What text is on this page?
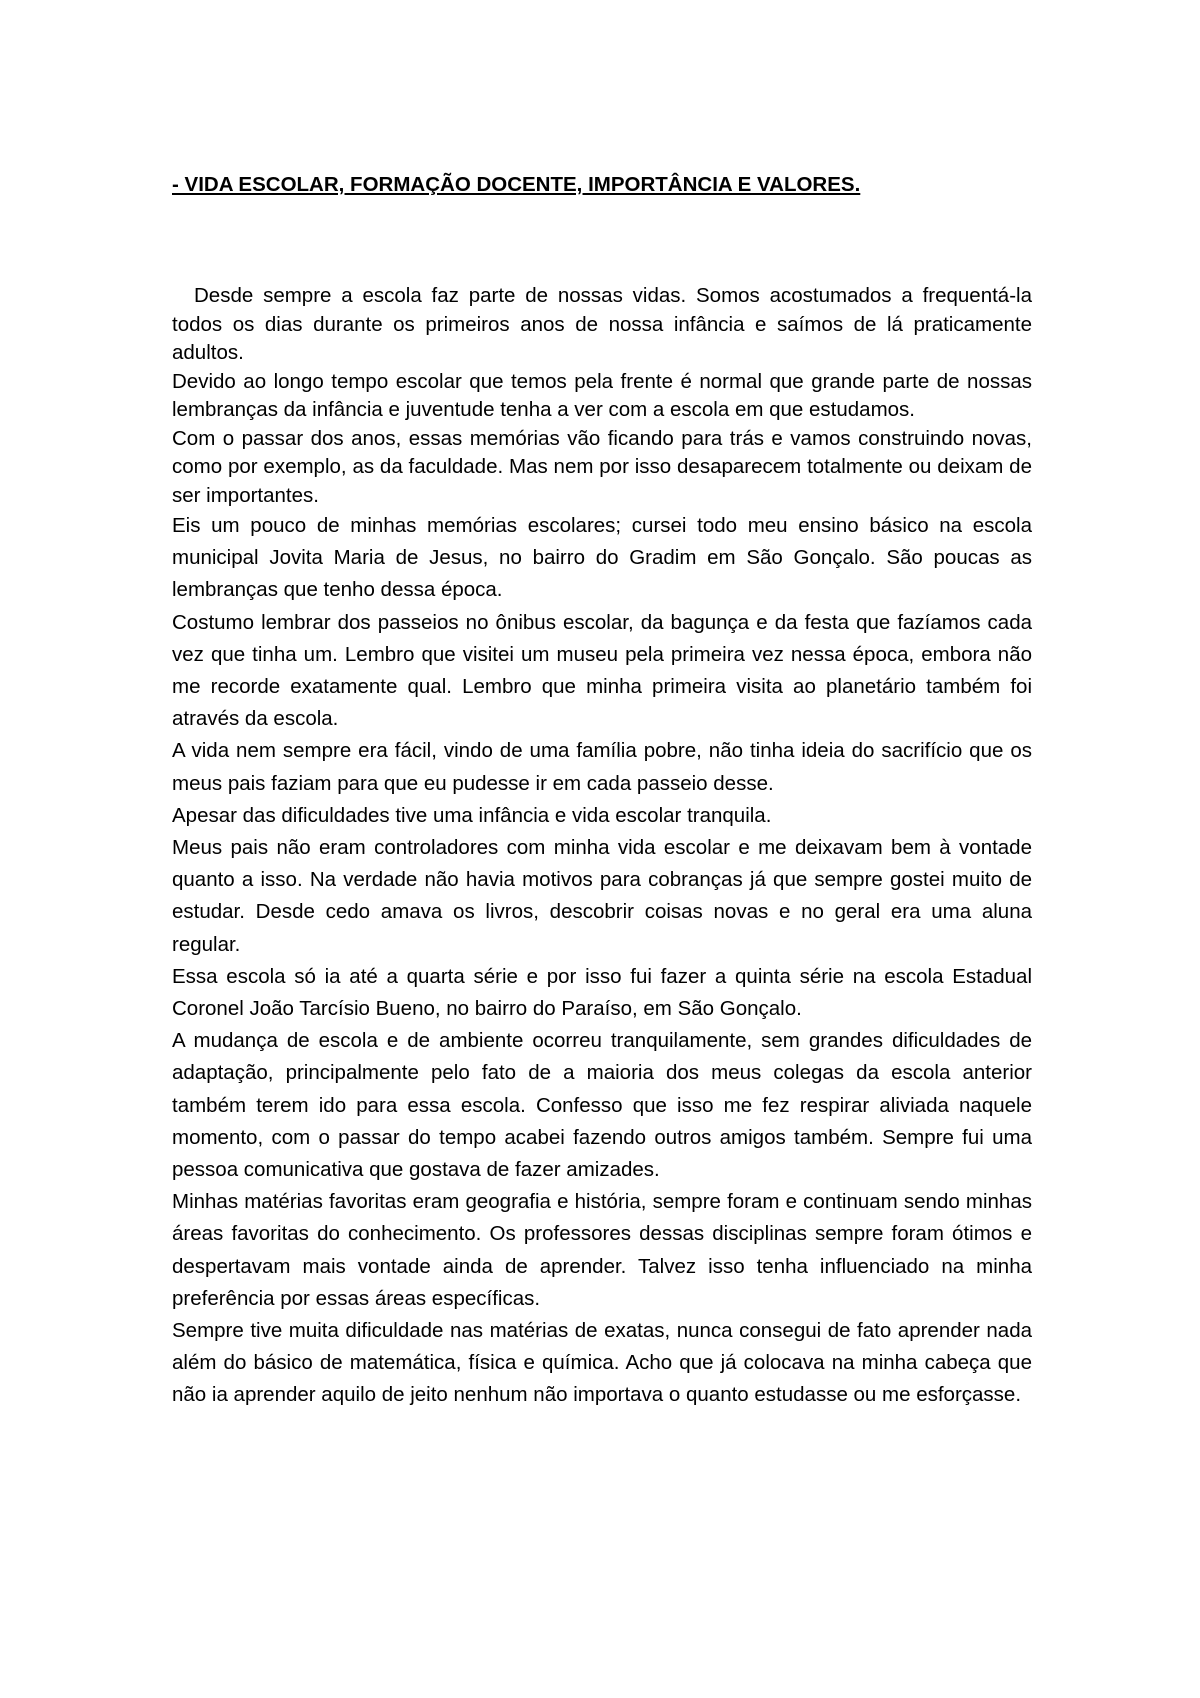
- VIDA ESCOLAR, FORMAÇÃO DOCENTE, IMPORTÂNCIA E VALORES.

Desde sempre a escola faz parte de nossas vidas. Somos acostumados a frequentá-la todos os dias durante os primeiros anos de nossa infância e saímos de lá praticamente adultos.

Devido ao longo tempo escolar que temos pela frente é normal que grande parte de nossas lembranças da infância e juventude tenha a ver com a escola em que estudamos.

Com o passar dos anos, essas memórias vão ficando para trás e vamos construindo novas, como por exemplo, as da faculdade. Mas nem por isso desaparecem totalmente ou deixam de ser importantes.

Eis um pouco de minhas memórias escolares; cursei todo meu ensino básico na escola municipal Jovita Maria de Jesus, no bairro do Gradim em São Gonçalo. São poucas as lembranças que tenho dessa época.

Costumo lembrar dos passeios no ônibus escolar, da bagunça e da festa que fazíamos cada vez que tinha um. Lembro que visitei um museu pela primeira vez nessa época, embora não me recorde exatamente qual. Lembro que minha primeira visita ao planetário também foi através da escola.

A vida nem sempre era fácil, vindo de uma família pobre, não tinha ideia do sacrifício que os meus pais faziam para que eu pudesse ir em cada passeio desse.

Apesar das dificuldades tive uma infância e vida escolar tranquila.

Meus pais não eram controladores com minha vida escolar e me deixavam bem à vontade quanto a isso. Na verdade não havia motivos para cobranças já que sempre gostei muito de estudar. Desde cedo amava os livros, descobrir coisas novas e no geral era uma aluna regular.

Essa escola só ia até a quarta série e por isso fui fazer a quinta série na escola Estadual Coronel João Tarcísio Bueno, no bairro do Paraíso, em São Gonçalo.

A mudança de escola e de ambiente ocorreu tranquilamente, sem grandes dificuldades de adaptação, principalmente pelo fato de a maioria dos meus colegas da escola anterior também terem ido para essa escola. Confesso que isso me fez respirar aliviada naquele momento, com o passar do tempo acabei fazendo outros amigos também. Sempre fui uma pessoa comunicativa que gostava de fazer amizades.

Minhas matérias favoritas eram geografia e história, sempre foram e continuam sendo minhas áreas favoritas do conhecimento. Os professores dessas disciplinas sempre foram ótimos e despertavam mais vontade ainda de aprender. Talvez isso tenha influenciado na minha preferência por essas áreas específicas.

Sempre tive muita dificuldade nas matérias de exatas, nunca consegui de fato aprender nada além do básico de matemática, física e química. Acho que já colocava na minha cabeça que não ia aprender aquilo de jeito nenhum não importava o quanto estudasse ou me esforçasse.
